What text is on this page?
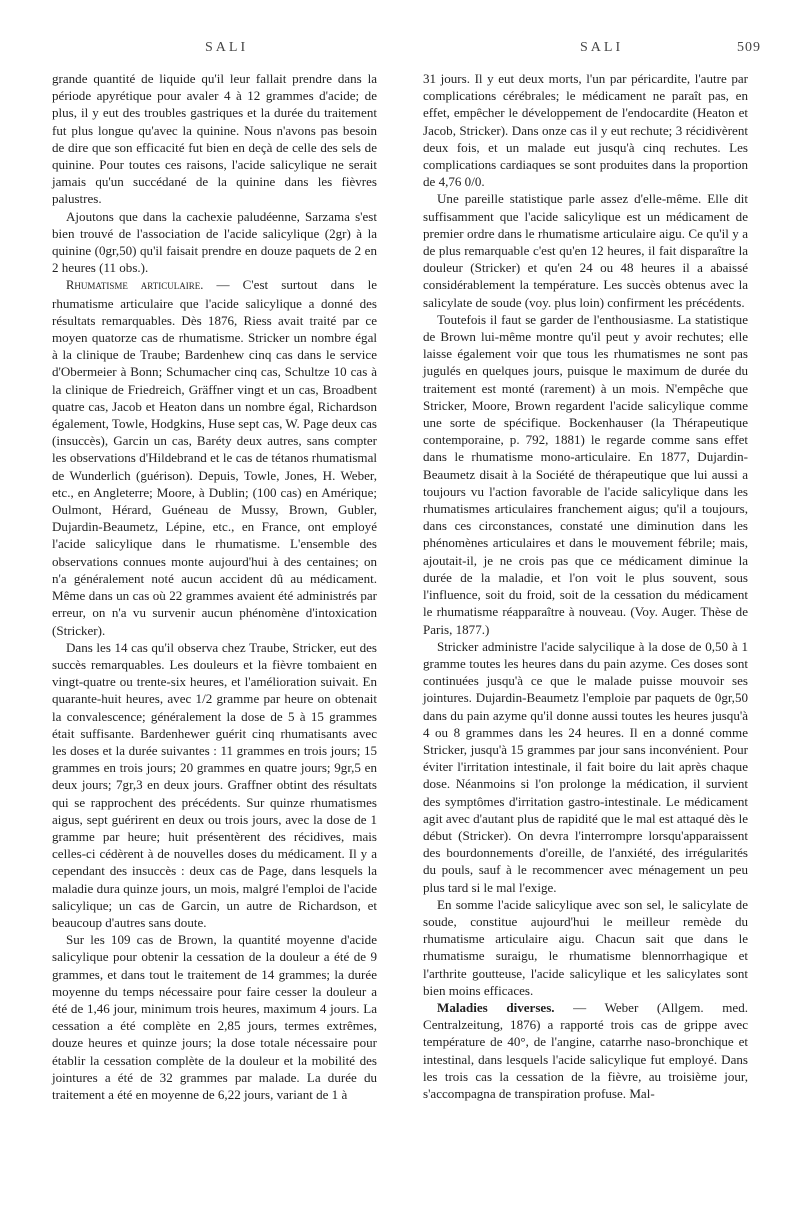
SALI	SALI	509

grande quantité de liquide qu'il leur fallait prendre dans la période apyrétique pour avaler 4 à 12 grammes d'acide; de plus, il y eut des troubles gastriques et la durée du traitement fut plus longue qu'avec la quinine. Nous n'avons pas besoin de dire que son efficacité fut bien en deçà de celle des sels de quinine. Pour toutes ces raisons, l'acide salicylique ne serait jamais qu'un succédané de la quinine dans les fièvres palustres.

Ajoutons que dans la cachexie paludéenne, Sarzama s'est bien trouvé de l'association de l'acide salicylique (2gr) à la quinine (0gr,50) qu'il faisait prendre en douze paquets de 2 en 2 heures (11 obs.).

Rhumatisme articulaire. — C'est surtout dans le rhumatisme articulaire que l'acide salicylique a donné des résultats remarquables. Dès 1876, Riess avait traité par ce moyen quatorze cas de rhumatisme. Stricker un nombre égal à la clinique de Traube; Bardenhew cinq cas dans le service d'Obermeier à Bonn; Schumacher cinq cas, Schultze 10 cas à la clinique de Friedreich, Gräffner vingt et un cas, Broadbent quatre cas, Jacob et Heaton dans un nombre égal, Richardson également, Towle, Hodgkins, Huse sept cas, W. Page deux cas (insuccès), Garcin un cas, Baréty deux autres, sans compter les observations d'Hildebrand et le cas de tétanos rhumatismal de Wunderlich (guérison). Depuis, Towle, Jones, H. Weber, etc., en Angleterre; Moore, à Dublin; (100 cas) en Amérique; Oulmont, Hérard, Guéneau de Mussy, Brown, Gubler, Dujardin-Beaumetz, Lépine, etc., en France, ont employé l'acide salicylique dans le rhumatisme. L'ensemble des observations connues monte aujourd'hui à des centaines; on n'a généralement noté aucun accident dû au médicament. Même dans un cas où 22 grammes avaient été administrés par erreur, on n'a vu survenir aucun phénomène d'intoxication (Stricker).

Dans les 14 cas qu'il observa chez Traube, Stricker, eut des succès remarquables. Les douleurs et la fièvre tombaient en vingt-quatre ou trente-six heures, et l'amélioration suivait. En quarante-huit heures, avec 1/2 gramme par heure on obtenait la convalescence; généralement la dose de 5 à 15 grammes était suffisante. Bardenhewer guérit cinq rhumatisants avec les doses et la durée suivantes : 11 grammes en trois jours; 15 grammes en trois jours; 20 grammes en quatre jours; 9gr,5 en deux jours; 7gr,3 en deux jours. Graffner obtint des résultats qui se rapprochent des précédents. Sur quinze rhumatismes aigus, sept guérirent en deux ou trois jours, avec la dose de 1 gramme par heure; huit présentèrent des récidives, mais celles-ci cédèrent à de nouvelles doses du médicament. Il y a cependant des insuccès : deux cas de Page, dans lesquels la maladie dura quinze jours, un mois, malgré l'emploi de l'acide salicylique; un cas de Garcin, un autre de Richardson, et beaucoup d'autres sans doute.

Sur les 109 cas de Brown, la quantité moyenne d'acide salicylique pour obtenir la cessation de la douleur a été de 9 grammes, et dans tout le traitement de 14 grammes; la durée moyenne du temps nécessaire pour faire cesser la douleur a été de 1,46 jour, minimum trois heures, maximum 4 jours. La cessation a été complète en 2,85 jours, termes extrêmes, douze heures et quinze jours; la dose totale nécessaire pour établir la cessation complète de la douleur et la mobilité des jointures a été de 32 grammes par malade. La durée du traitement a été en moyenne de 6,22 jours, variant de 1 à

31 jours. Il y eut deux morts, l'un par péricardite, l'autre par complications cérébrales; le médicament ne paraît pas, en effet, empêcher le développement de l'endocardite (Heaton et Jacob, Stricker). Dans onze cas il y eut rechute; 3 récidivèrent deux fois, et un malade eut jusqu'à cinq rechutes. Les complications cardiaques se sont produites dans la proportion de 4,76 0/0.

Une pareille statistique parle assez d'elle-même. Elle dit suffisamment que l'acide salicylique est un médicament de premier ordre dans le rhumatisme articulaire aigu. Ce qu'il y a de plus remarquable c'est qu'en 12 heures, il fait disparaître la douleur (Stricker) et qu'en 24 ou 48 heures il a abaissé considérablement la température. Les succès obtenus avec la salicylate de soude (voy. plus loin) confirment les précédents.

Toutefois il faut se garder de l'enthousiasme. La statistique de Brown lui-même montre qu'il peut y avoir rechutes; elle laisse également voir que tous les rhumatismes ne sont pas jugulés en quelques jours, puisque le maximum de durée du traitement est monté (rarement) à un mois. N'empêche que Stricker, Moore, Brown regardent l'acide salicylique comme une sorte de spécifique. Bockenhauser (la Thérapeutique contemporaine, p. 792, 1881) le regarde comme sans effet dans le rhumatisme mono-articulaire. En 1877, Dujardin-Beaumetz disait à la Société de thérapeutique que lui aussi a toujours vu l'action favorable de l'acide salicylique dans les rhumatismes articulaires franchement aigus; qu'il a toujours, dans ces circonstances, constaté une diminution dans les phénomènes articulaires et dans le mouvement fébrile; mais, ajoutait-il, je ne crois pas que ce médicament diminue la durée de la maladie, et l'on voit le plus souvent, sous l'influence, soit du froid, soit de la cessation du médicament le rhumatisme réapparaître à nouveau. (Voy. Auger. Thèse de Paris, 1877.)

Stricker administre l'acide salycilique à la dose de 0,50 à 1 gramme toutes les heures dans du pain azyme. Ces doses sont continuées jusqu'à ce que le malade puisse mouvoir ses jointures. Dujardin-Beaumetz l'emploie par paquets de 0gr,50 dans du pain azyme qu'il donne aussi toutes les heures jusqu'à 4 ou 8 grammes dans les 24 heures. Il en a donné comme Stricker, jusqu'à 15 grammes par jour sans inconvénient. Pour éviter l'irritation intestinale, il fait boire du lait après chaque dose. Néanmoins si l'on prolonge la médication, il survient des symptômes d'irritation gastro-intestinale. Le médicament agit avec d'autant plus de rapidité que le mal est attaqué dès le début (Stricker). On devra l'interrompre lorsqu'apparaissent des bourdonnements d'oreille, de l'anxiété, des irrégularités du pouls, sauf à le recommencer avec ménagement un peu plus tard si le mal l'exige.

En somme l'acide salicylique avec son sel, le salicylate de soude, constitue aujourd'hui le meilleur remède du rhumatisme articulaire aigu. Chacun sait que dans le rhumatisme suraigu, le rhumatisme blennorrhagique et l'arthrite goutteuse, l'acide salicylique et les salicylates sont bien moins efficaces.

Maladies diverses. — Weber (Allgem. med. Centralzeitung, 1876) a rapporté trois cas de grippe avec température de 40°, de l'angine, catarrhe naso-bronchique et intestinal, dans lesquels l'acide salicylique fut employé. Dans les trois cas la cessation de la fièvre, au troisième jour, s'accompagna de transpiration profuse. Mal-
